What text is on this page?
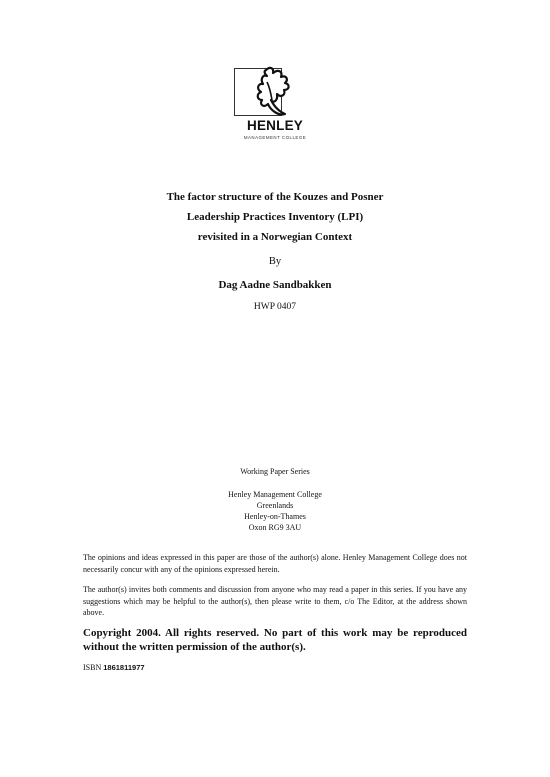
HENLEY
MANAGEMENT COLLEGE
The factor structure of the Kouzes and Posner
Leadership Practices Inventory (LPI)
revisited in a Norwegian Context
By
Dag Aadne Sandbakken
HWP 0407
Working Paper Series
Henley Management College
Greenlands
Henley-on-Thames
Oxon RG9 3AU
The opinions and ideas expressed in this paper are those of the author(s) alone. Henley Management College does not necessarily concur with any of the opinions expressed herein.
The author(s) invites both comments and discussion from anyone who may read a paper in this series. If you have any suggestions which may be helpful to the author(s), then please write to them, c/o The Editor, at the address shown above.
Copyright 2004. All rights reserved. No part of this work may be reproduced without the written permission of the author(s).
ISBN 1861811977
